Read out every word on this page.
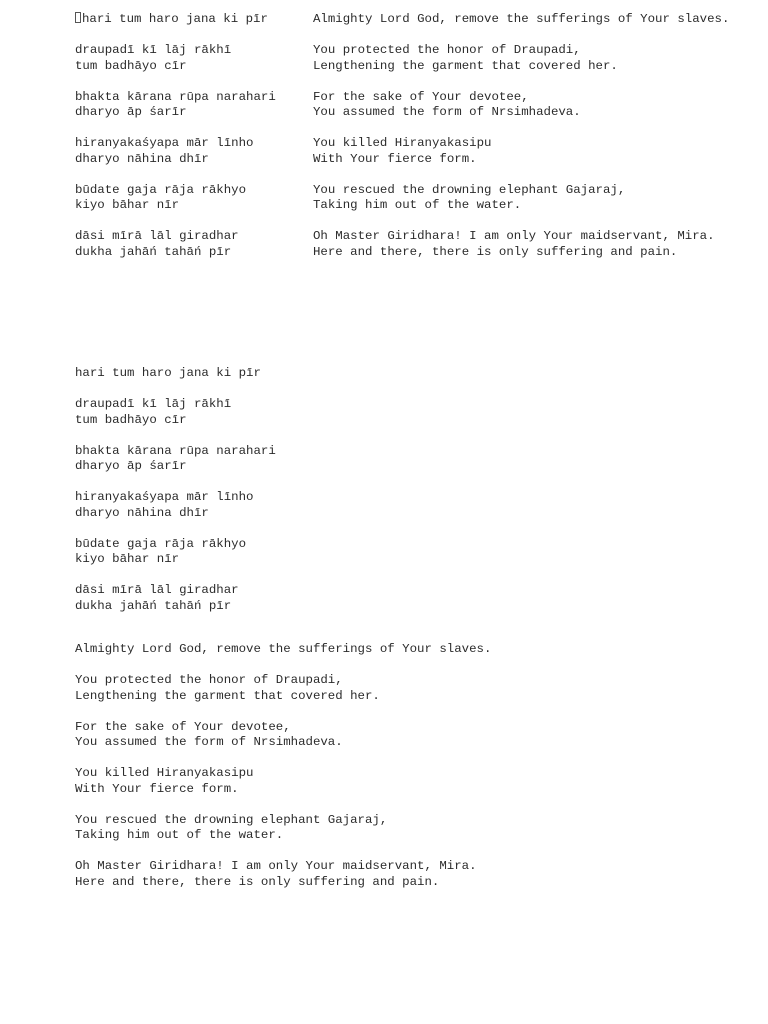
hari tum haro jana ki pīr	Almighty Lord God, remove the sufferings of Your slaves.
draupadī kī lāj rākhī
tum badhāyo cīr
You protected the honor of Draupadi,
Lengthening the garment that covered her.
bhakta kārana rūpa narahari
dharyo āp śarīr
For the sake of Your devotee,
You assumed the form of Nrsimhadeva.
hiranyakaśyapa mār līnho
dharyo nāhina dhīr
You killed Hiranyakasipu
With Your fierce form.
būdate gaja rāja rākhyo
kiyo bāhar nīr
You rescued the drowning elephant Gajaraj,
Taking him out of the water.
dāsi mīrā lāl giradhar
dukha jahāń tahāń pīr
Oh Master Giridhara! I am only Your maidservant, Mira.
Here and there, there is only suffering and pain.
hari tum haro jana ki pīr
draupadī kī lāj rākhī
tum badhāyo cīr
bhakta kārana rūpa narahari
dharyo āp śarīr
hiranyakaśyapa mār līnho
dharyo nāhina dhīr
būdate gaja rāja rākhyo
kiyo bāhar nīr
dāsi mīrā lāl giradhar
dukha jahāń tahāń pīr
Almighty Lord God, remove the sufferings of Your slaves.
You protected the honor of Draupadi,
Lengthening the garment that covered her.
For the sake of Your devotee,
You assumed the form of Nrsimhadeva.
You killed Hiranyakasipu
With Your fierce form.
You rescued the drowning elephant Gajaraj,
Taking him out of the water.
Oh Master Giridhara! I am only Your maidservant, Mira.
Here and there, there is only suffering and pain.
